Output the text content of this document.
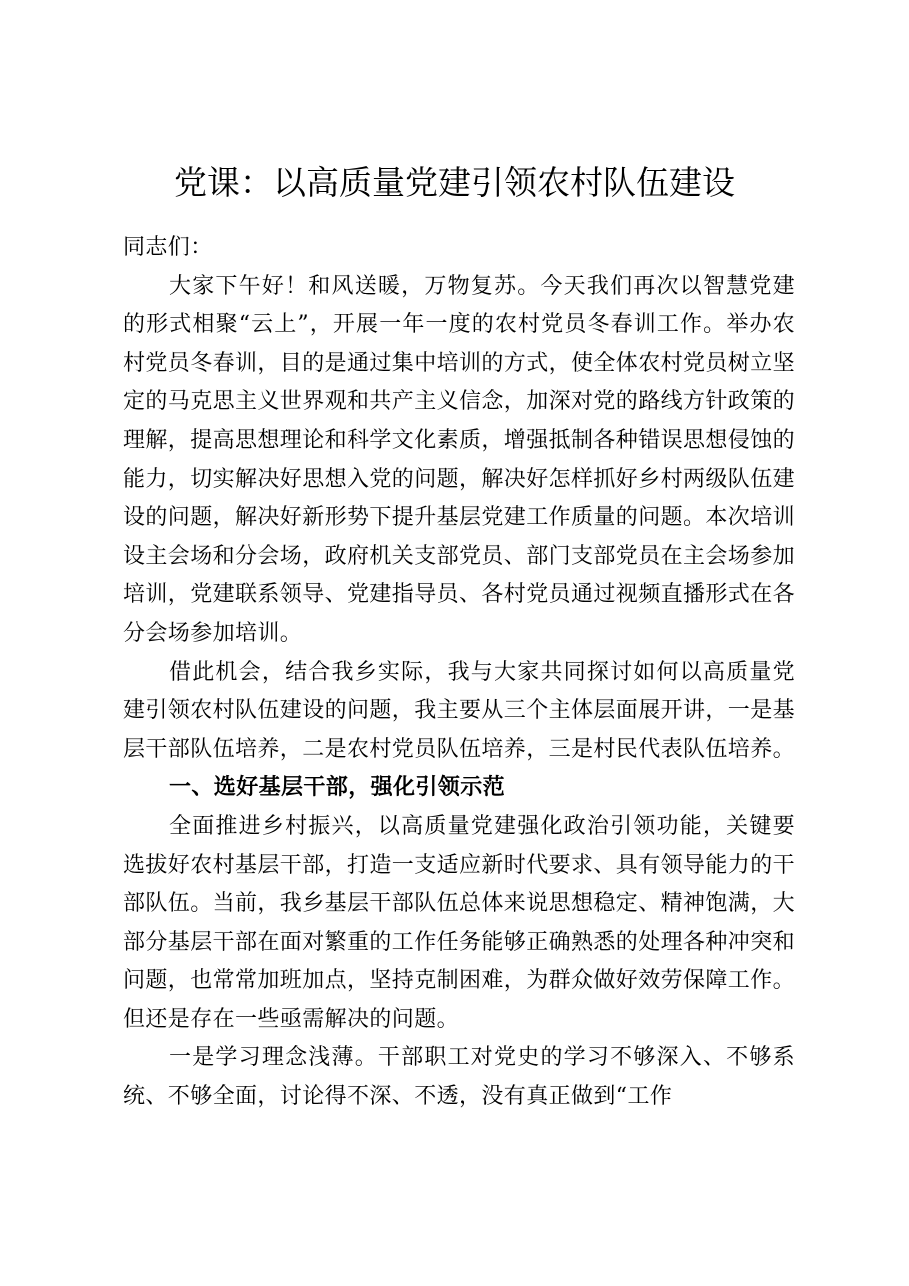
党课：以高质量党建引领农村队伍建设

同志们：

大家下午好！和风送暖，万物复苏。今天我们再次以智慧党建的形式相聚“云上”，开展一年一度的农村党员冬春训工作。举办农村党员冬春训，目的是通过集中培训的方式，使全体农村党员树立坚定的马克思主义世界观和共产主义信念，加深对党的路线方针政策的理解，提高思想理论和科学文化素质，增强抵制各种错误思想侵蚀的能力，切实解决好思想入党的问题，解决好怎样抓好乡村两级队伍建设的问题，解决好新形势下提升基层党建工作质量的问题。本次培训设主会场和分会场，政府机关支部党员、部门支部党员在主会场参加培训，党建联系领导、党建指导员、各村党员通过视频直播形式在各分会场参加培训。

借此机会，结合我乡实际，我与大家共同探讨如何以高质量党建引领农村队伍建设的问题，我主要从三个主体层面展开讲，一是基层干部队伍培养，二是农村党员队伍培养，三是村民代表队伍培养。

一、选好基层干部，强化引领示范

全面推进乡村振兴，以高质量党建强化政治引领功能，关键要选拔好农村基层干部，打造一支适应新时代要求、具有领导能力的干部队伍。当前，我乡基层干部队伍总体来说思想稳定、精神饱满，大部分基层干部在面对繁重的工作任务能够正确熟悉的处理各种冲突和问题，也常常加班加点，坚持克制困难，为群众做好效劳保障工作。但还是存在一些亟需解决的问题。

一是学习理念浅薄。干部职工对党史的学习不够深入、不够系统、不够全面，讨论得不深、不透，没有真正做到“工作
